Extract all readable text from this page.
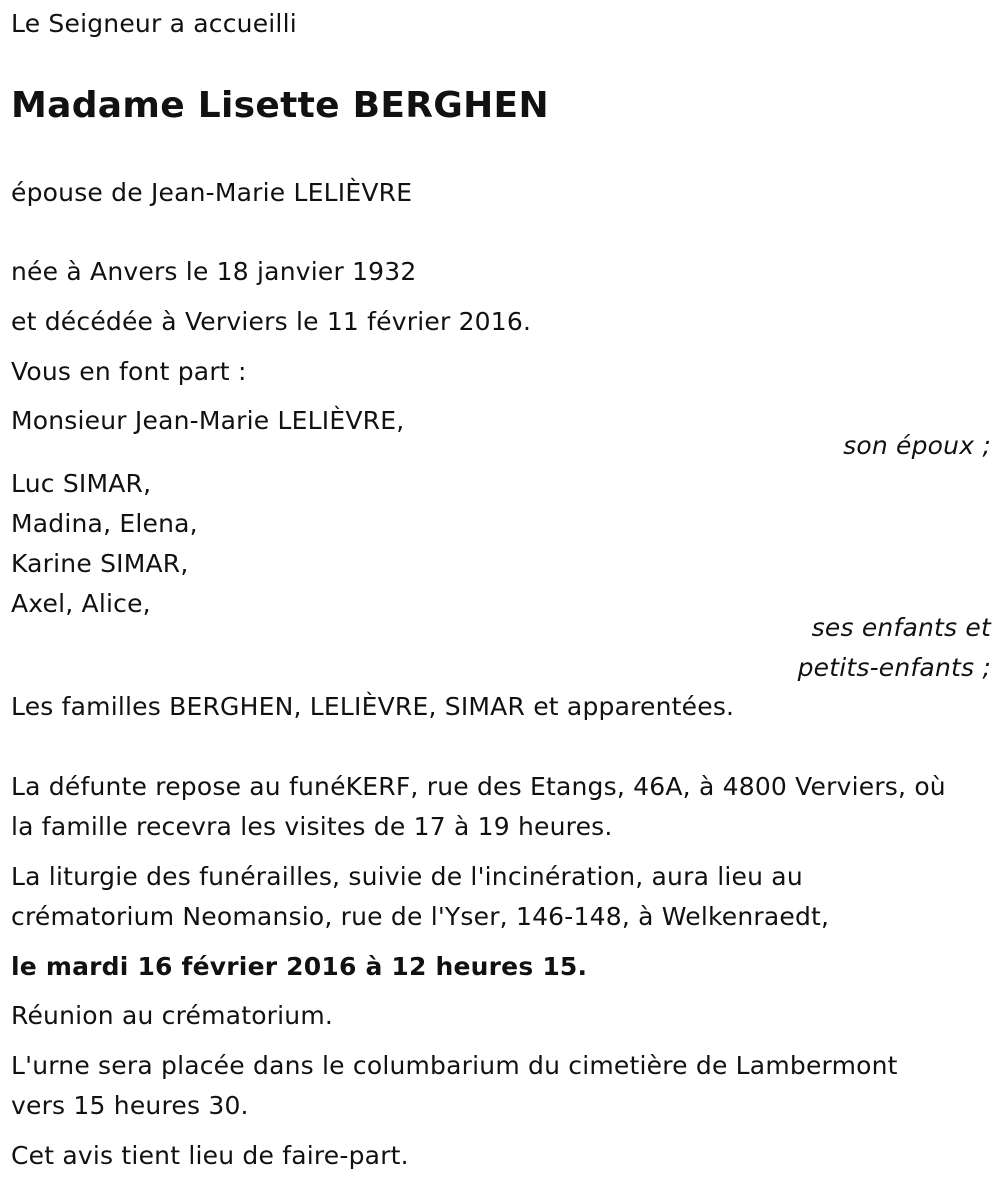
Le Seigneur a accueilli
Madame Lisette BERGHEN
épouse de Jean-Marie LELIÈVRE
née à Anvers le 18 janvier 1932
et décédée à Verviers le 11 février 2016.
Vous en font part :
Monsieur Jean-Marie LELIÈVRE,
son époux ;
Luc SIMAR,
Madina, Elena,
Karine SIMAR,
Axel, Alice,
ses enfants et
petits-enfants ;
Les familles BERGHEN, LELIÈVRE, SIMAR et apparentées.
La défunte repose au funéKERF, rue des Etangs, 46A, à 4800 Verviers, où
la famille recevra les visites de 17 à 19 heures.
La liturgie des funérailles, suivie de l'incinération, aura lieu au
crématorium Neomansio, rue de l'Yser, 146-148, à Welkenraedt,
le mardi 16 février 2016 à 12 heures 15.
Réunion au crématorium.
L'urne sera placée dans le columbarium du cimetière de Lambermont
vers 15 heures 30.
Cet avis tient lieu de faire-part.
